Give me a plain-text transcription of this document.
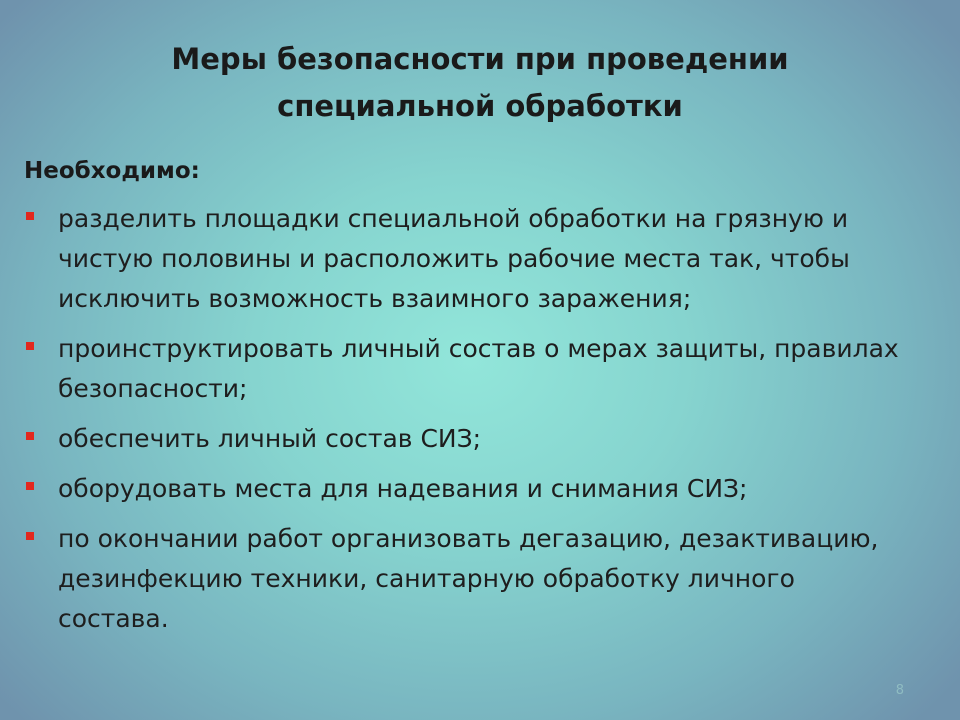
Меры безопасности при проведении
специальной обработки

Необходимо:

разделить площадки специальной обработки на грязную и чистую половины и расположить рабочие места так, чтобы исключить возможность взаимного заражения;
проинструктировать личный состав о мерах защиты, правилах безопасности;
обеспечить личный состав СИЗ;
оборудовать места для надевания и снимания СИЗ;
по окончании работ организовать дегазацию, дезактивацию, дезинфекцию техники, санитарную обработку личного состава.
8
